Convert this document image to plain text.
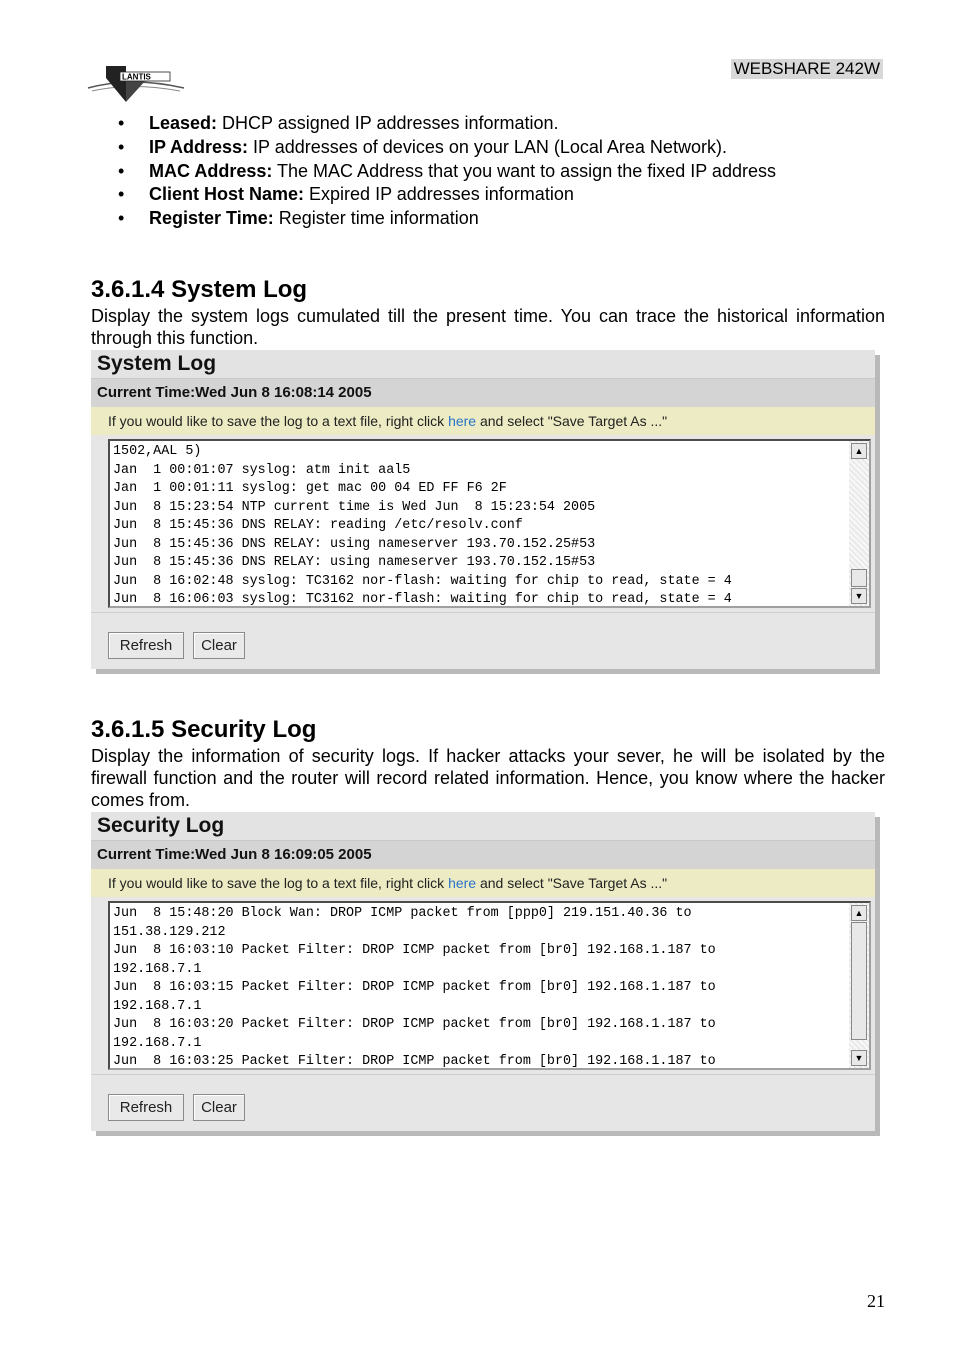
LANTIS	WEBSHARE 242W
• Leased: DHCP assigned IP addresses information.
• IP Address: IP addresses of devices on your LAN (Local Area Network).
• MAC Address: The MAC Address that you want to assign the fixed IP address
• Client Host Name: Expired IP addresses information
• Register Time: Register time information
3.6.1.4 System Log

Display the system logs cumulated till the present time. You can trace the historical information through this function.

System Log
Current Time:Wed Jun 8 16:08:14 2005
If you would like to save the log to a text file, right click here and select "Save Target As ..."
1502,AAL 5)
Jan  1 00:01:07 syslog: atm init aal5
Jan  1 00:01:11 syslog: get mac 00 04 ED FF F6 2F
Jun  8 15:23:54 NTP current time is Wed Jun  8 15:23:54 2005
Jun  8 15:45:36 DNS RELAY: reading /etc/resolv.conf
Jun  8 15:45:36 DNS RELAY: using nameserver 193.70.152.25#53
Jun  8 15:45:36 DNS RELAY: using nameserver 193.70.152.15#53
Jun  8 16:02:48 syslog: TC3162 nor-flash: waiting for chip to read, state = 4
Jun  8 16:06:03 syslog: TC3162 nor-flash: waiting for chip to read, state = 4
▲
▼
Refresh	Clear
3.6.1.5 Security Log

Display the information of security logs. If hacker attacks your sever, he will be isolated by the firewall function and the router will record related information. Hence, you know where the hacker comes from.

Security Log
Current Time:Wed Jun 8 16:09:05 2005
If you would like to save the log to a text file, right click here and select "Save Target As ..."
Jun  8 15:48:20 Block Wan: DROP ICMP packet from [ppp0] 219.151.40.36 to
151.38.129.212
Jun  8 16:03:10 Packet Filter: DROP ICMP packet from [br0] 192.168.1.187 to
192.168.7.1
Jun  8 16:03:15 Packet Filter: DROP ICMP packet from [br0] 192.168.1.187 to
192.168.7.1
Jun  8 16:03:20 Packet Filter: DROP ICMP packet from [br0] 192.168.1.187 to
192.168.7.1
Jun  8 16:03:25 Packet Filter: DROP ICMP packet from [br0] 192.168.1.187 to
▲
▼
Refresh	Clear
21
